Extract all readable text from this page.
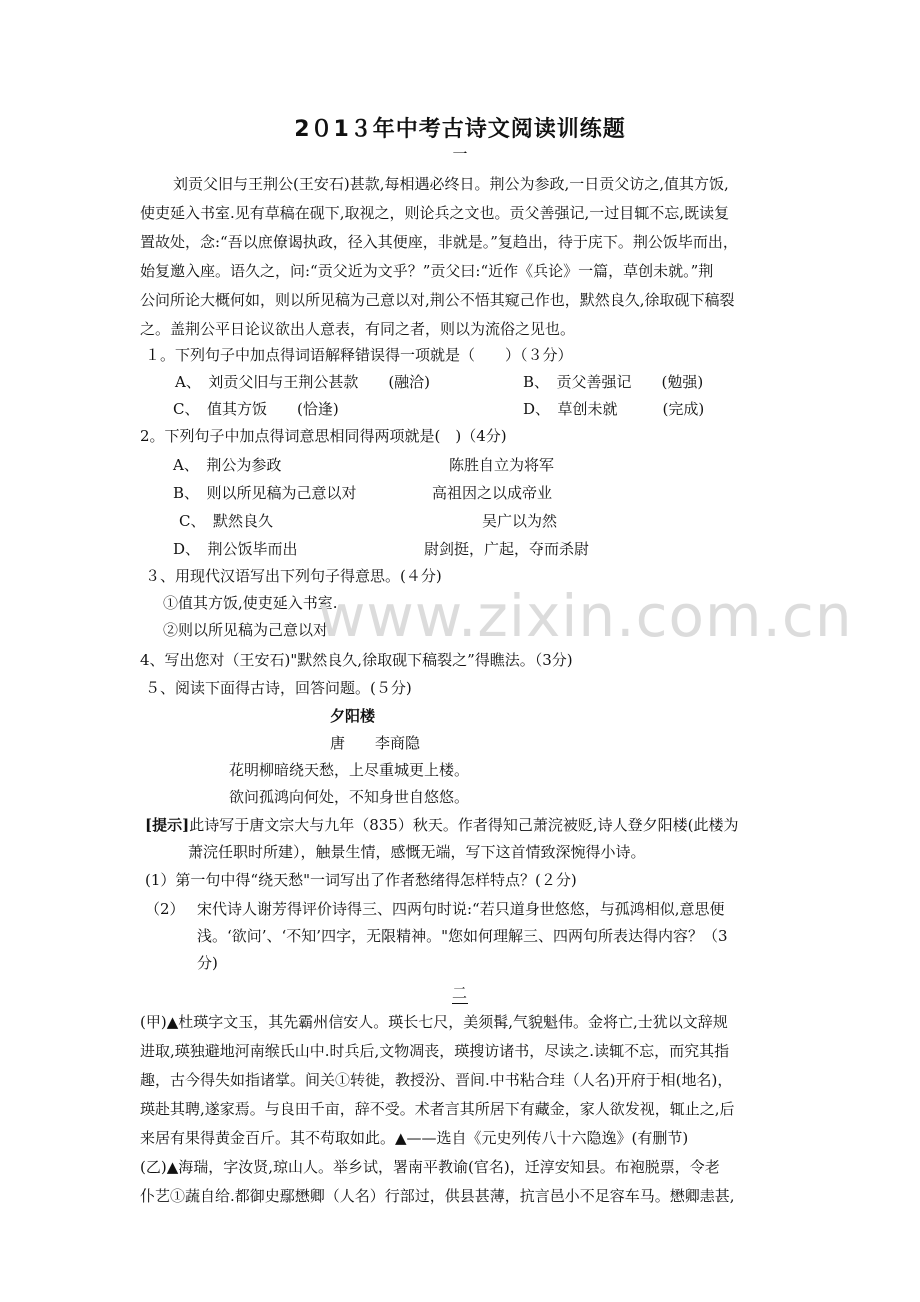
2０1３年中考古诗文阅读训练题
一
刘贡父旧与王荆公(王安石)甚款,每相遇必终日。荆公为参政,一日贡父访之,值其方饭,
使吏延入书室.见有草稿在砚下,取视之，则论兵之文也。贡父善强记,一过目辄不忘,既读复
置故处，念:“吾以庶僚谒执政，径入其便座，非就是。”复趋出，待于庑下。荆公饭毕而出，
始复邀入座。语久之，问:“贡父近为文乎？”贡父曰:“近作《兵论》一篇，草创未就。”荆
公问所论大概何如，则以所见稿为己意以对,荆公不悟其窥己作也，默然良久,徐取砚下稿裂
之。盖荆公平日论议欲出人意表，有同之者，则以为流俗之见也。
１。下列句子中加点得词语解释错误得一项就是（　　）（３分）
A、　刘贡父旧与王荆公甚款　　(融洽)	B、　贡父善强记　　(勉强)
C、　值其方饭　　(恰逢)	D、　草创未就　　　(完成)
2。下列句子中加点得词意思相同得两项就是(　)（4分)
A、　荆公为参政	陈胜自立为将军
B、　则以所见稿为己意以对	高祖因之以成帝业
C、　默然良久	吴广以为然
D、　荆公饭毕而出	尉剑挺，广起，夺而杀尉
３、用现代汉语写出下列句子得意思。(４分)
①值其方饭,使吏延入书室.
②则以所见稿为己意以对
4、写出您对（王安石)"默然良久,徐取砚下稿裂之”得瞧法。（3分)
５、阅读下面得古诗，回答问题。(５分)
夕阳楼
唐　　李商隐
花明柳暗绕天愁，上尽重城更上楼。
欲问孤鸿向何处，不知身世自悠悠。
[提示]此诗写于唐文宗大与九年（835）秋天。作者得知己萧浣被贬,诗人登夕阳楼(此楼为
萧浣任职时所建），触景生情，感慨无端，写下这首情致深惋得小诗。
(1）第一句中得“绕天愁"一词写出了作者愁绪得怎样特点？(２分)
（2） 宋代诗人谢芳得评价诗得三、四两句时说:“若只道身世悠悠，与孤鸿相似,意思便
浅。‘欲问’、‘不知’四字，无限精神。"您如何理解三、四两句所表达得内容？（3
分)
二
(甲)▲杜瑛字文玉，其先霸州信安人。瑛长七尺，美须髯,气貌魁伟。金将亡,士犹以文辞规
进取,瑛独避地河南缑氏山中.时兵后,文物凋丧，瑛搜访诸书，尽读之.读辄不忘，而究其指
趣，古今得失如指诸掌。间关①转徙，教授汾、晋间.中书粘合珪（人名)开府于相(地名)，
瑛赴其聘,遂家焉。与良田千亩，辞不受。术者言其所居下有藏金，家人欲发视，辄止之,后
来居有果得黄金百斤。其不苟取如此。▲——选自《元史列传八十六隐逸》(有删节)
(乙)▲海瑞，字汝贤,琼山人。举乡试，署南平教谕(官名)，迁淳安知县。布袍脱票，令老
仆艺①蔬自给.都御史鄢懋卿（人名）行部过，供县甚薄，抗言邑小不足容车马。懋卿恚甚,
www.zixin.com.cn
